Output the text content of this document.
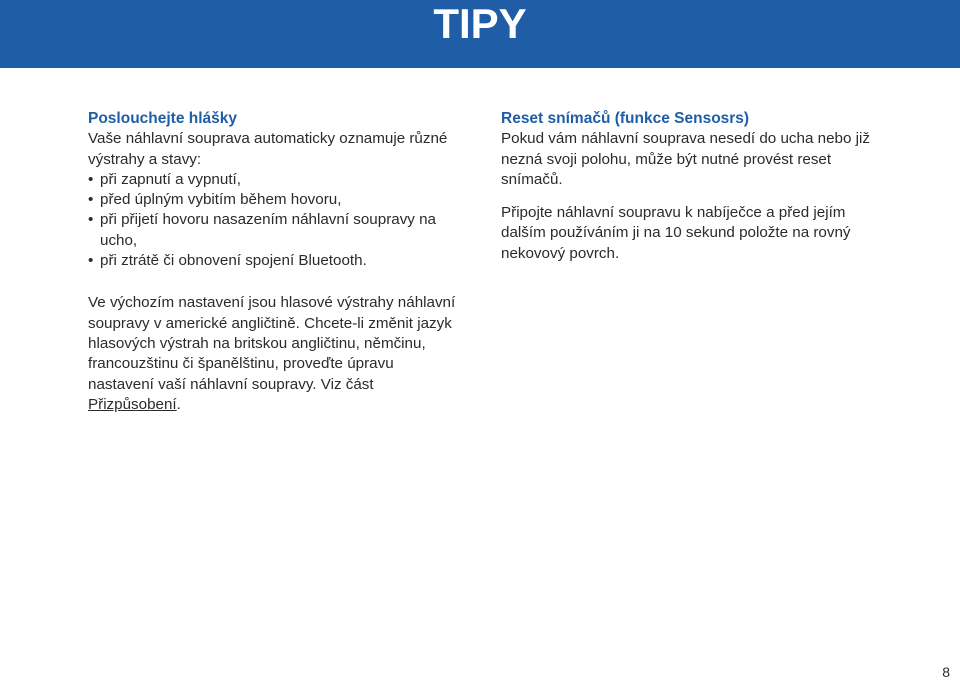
TIPY
Poslouchejte hlášky

Vaše náhlavní souprava automaticky oznamuje různé výstrahy a stavy:

• při zapnutí a vypnutí,
• před úplným vybitím během hovoru,
• při přijetí hovoru nasazením náhlavní soupravy na ucho,
• při ztrátě či obnovení spojení Bluetooth.

Ve výchozím nastavení jsou hlasové výstrahy náhlavní soupravy v americké angličtině. Chcete-li změnit jazyk hlasových výstrah na britskou angličtinu, němčinu, francouzštinu či španělštinu, proveďte úpravu nastavení vaší náhlavní soupravy. Viz část Přizpůsobení.

Reset snímačů (funkce Sensosrs)

Pokud vám náhlavní souprava nesedí do ucha nebo již nezná svoji polohu, může být nutné provést reset snímačů.

Připojte náhlavní soupravu k nabíječce a před jejím dalším používáním ji na 10 sekund položte na rovný nekovový povrch.

8
